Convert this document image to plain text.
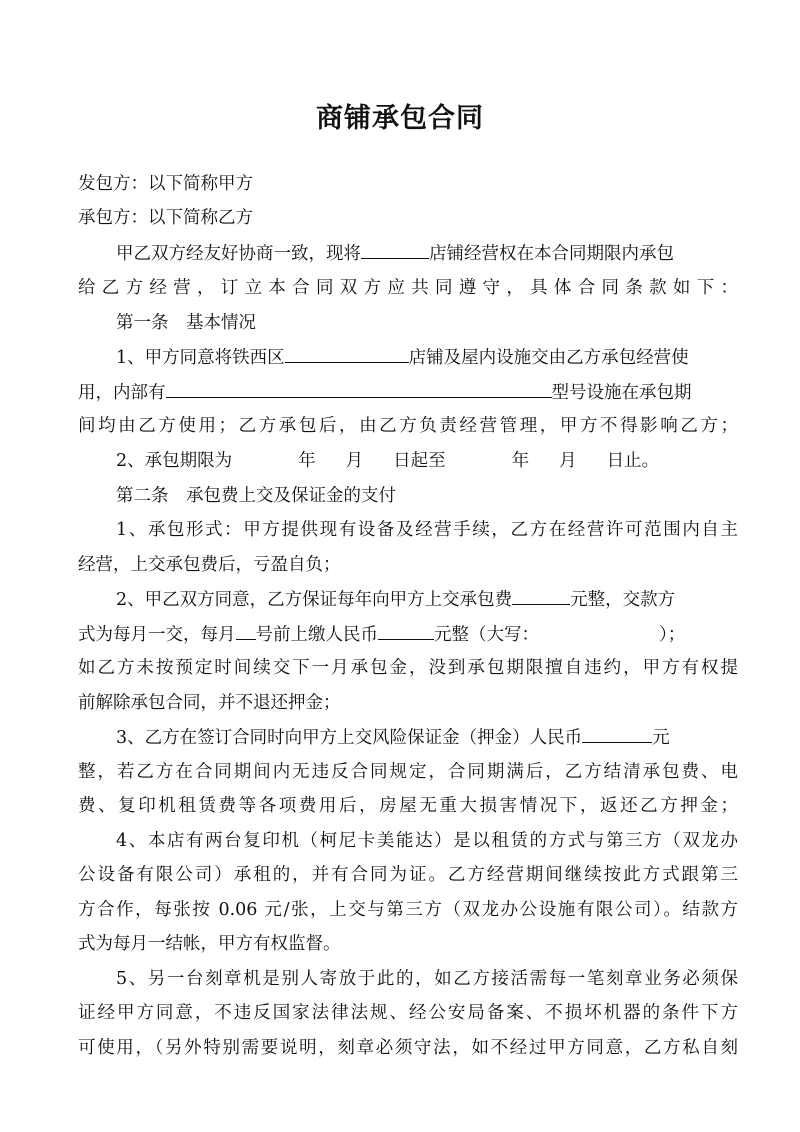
商铺承包合同

发包方：以下简称甲方

承包方：以下简称乙方

甲乙双方经友好协商一致，现将	店铺经营权在本合同期限内承包

给乙方经营，订立本合同双方应共同遵守，具体合同条款如下：

第一条　基本情况

1、甲方同意将铁西区	店铺及屋内设施交由乙方承包经营使

用，内部有	型号设施在承包期

间均由乙方使用；乙方承包后，由乙方负责经营管理，甲方不得影响乙方；

2、承包期限为	年 月 日起至	年 月 日止。

第二条　承包费上交及保证金的支付

1、承包形式：甲方提供现有设备及经营手续，乙方在经营许可范围内自主

经营，上交承包费后，亏盈自负；

2、甲乙双方同意，乙方保证每年向甲方上交承包费	元整，交款方

式为每月一交，每月 号前上缴人民币	元整（大写：	）；

如乙方未按预定时间续交下一月承包金，没到承包期限擅自违约，甲方有权提

前解除承包合同，并不退还押金；

3、乙方在签订合同时向甲方上交风险保证金（押金）人民币	元

整，若乙方在合同期间内无违反合同规定，合同期满后，乙方结清承包费、电

费、复印机租赁费等各项费用后，房屋无重大损害情况下，返还乙方押金；

4、本店有两台复印机（柯尼卡美能达）是以租赁的方式与第三方（双龙办

公设备有限公司）承租的，并有合同为证。乙方经营期间继续按此方式跟第三

方合作，每张按 0.06 元/张，上交与第三方（双龙办公设施有限公司）。结款方

式为每月一结帐，甲方有权监督。

5、另一台刻章机是别人寄放于此的，如乙方接活需每一笔刻章业务必须保

证经甲方同意，不违反国家法律法规、经公安局备案、不损坏机器的条件下方

可使用，（另外特别需要说明，刻章必须守法，如不经过甲方同意，乙方私自刻
